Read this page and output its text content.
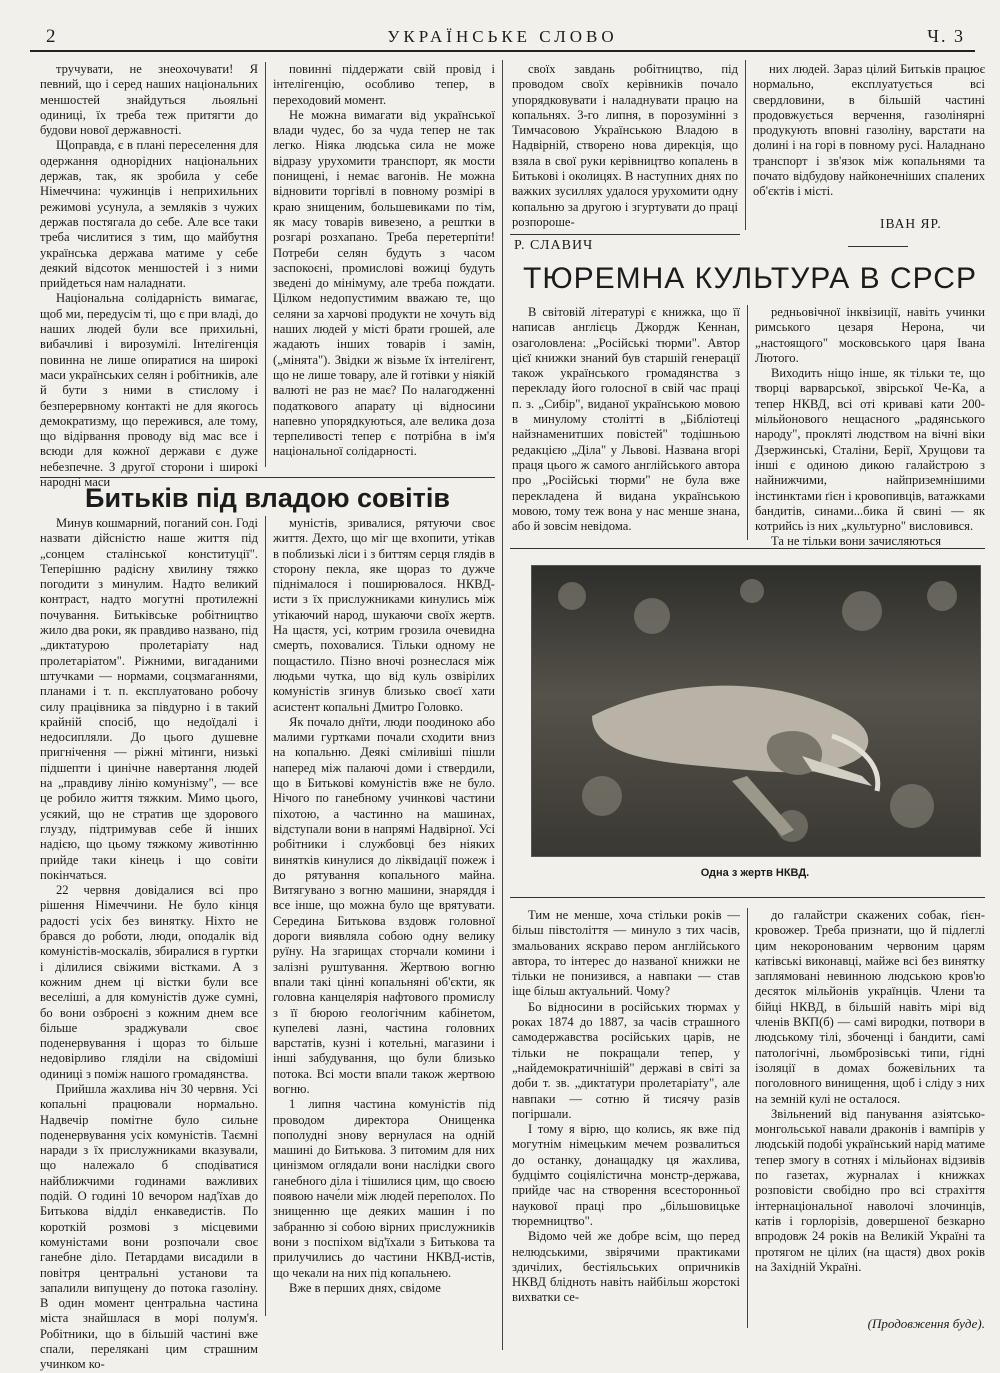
2	УКРАЇНСЬКЕ СЛОВО	Ч. 3

тручувати, не знеохочувати! Я певний, що і серед наших національних меншостей знайдуться льояльні одиниці, їх треба теж притягти до будови нової державності.

Щоправда, є в плані переселення для одержання однорідних національних держав, так, як зробила у себе Німеччина: чужинців і неприхильних режимові усунула, а земляків з чужих держав постягала до себе. Але все таки треба числитися з тим, що майбутня українська держава матиме у себе деякий відсоток меншостей і з ними прийдеться нам наладнати.

Національна солідарність вимагає, щоб ми, передусім ті, що є при владі, до наших людей були все прихильні, вибачливі і вирозумілі. Інтелігенція повинна не лише опиратися на широкі маси українських селян і робітників, але й бути з ними в стислому і безперервному контакті не для якогось демократизму, що пережився, але тому, що відірвання проводу від мас все і всюди для кожної держави є дуже небезпечне. З другої сторони і широкі народні маси

повинні піддержати свій провід і інтелігенцію, особливо тепер, в переходовий момент.

Не можна вимагати від української влади чудес, бо за чуда тепер не так легко. Ніяка людська сила не може відразу урухомити транспорт, як мости понищені, і немає вагонів. Не можна відновити торгівлі в повному розмірі в краю знищеним, большевиками по тім, як масу товарів вивезено, а рештки в розгарі розхапано. Треба перетерпіти! Потреби селян будуть з часом заспокоєні, промислові вожиці будуть зведені до мінімуму, але треба пождати. Цілком недопустимим вважаю те, що селяни за харчові продукти не хочуть від наших людей у місті брати грошей, але жадають інших товарів і замін, („мінята"). Звідки ж візьме їх інтелігент, що не лише товару, але й готівки у ніякій валюті не раз не має? По налагодженні податкового апарату ці відносини напевно упорядкуються, але велика доза терпеливості тепер є потрібна в ім'я національної солідарності.

своїх завдань робітництво, під проводом своїх керівників почало упорядковувати і наладнувати працю на копальнях. 3-го липня, в порозумінні з Тимчасовою Українською Владою в Надвірній, створено нова дирекція, що взяла в свої руки керівництво копалень в Битькові і околицях. В наступних днях по важких зусиллях удалося урухомити одну копальню за другою і згуртувати до праці розпороше-

них людей. Зараз цілий Битьків працює нормально, експлуатується всі свердловини, в більшій частині продовжується верчення, газолінярні продукують вповні газоліну, варстати на долині і на горі в повному русі. Наладнано транспорт і зв'язок між копальнями та почато відбудову найконечніших спалених об'єктів і місті.

ІВАН ЯР.
Битьків під владою совітів

Минув кошмарний, поганий сон. Годі назвати дійсністю наше життя під „сонцем сталінської конституції". Теперішню радісну хвилину тяжко погодити з минулим. Надто великий контраст, надто могутні протилежні почування. Битьківське робітництво жило два роки, як правдиво названо, під „диктатурою пролетаріату над пролетаріатом". Ріжними, вигаданими штучками — нормами, соцзмаганнями, планами і т. п. експлуатовано робочу силу працівника за півдурно і в такий крайній спосіб, що недоїдалі і недосипляли. До цього душевне пригнічення — ріжні мітинги, низькі підшепти і цинічне навертання людей на „правдиву лінію комунізму", — все це робило життя тяжким. Мимо цього, усякий, що не стратив ще здорового глузду, підтримував себе й інших надією, що цьому тяжкому животінню прийде таки кінець і що совіти покінчаться.

22 червня довідалися всі про рішення Німеччини. Не було кінця радості усіх без винятку. Ніхто не брався до роботи, люди, оподалік від комуністів-москалів, збиралися в гуртки і ділилися свіжими вістками. А з кожним днем ці вістки були все веселіші, а для комуністів дуже сумні, бо вони озброєні з кожним днем все більше зраджували своє поденервування і щораз то більше недовірливо гляділи на свідоміші одиниці з поміж нашого громадянства.

Прийшла жахлива ніч 30 червня. Усі копальні працювали нормально. Надвечір помітне було сильне поденервування усіх комуністів. Таємні наради з їх прислужниками вказували, що належало б сподіватися найближчими годинами важливих подій. О годині 10 вечором над'їхав до Битькова відділ енкаведистів. По короткій розмові з місцевими комуністами вони розпочали своє ганебне діло. Петардами висадили в повітря центральні установи та запалили випущену до потока газоліну. В один момент центральна частина міста знайшлася в морі полум'я. Робітники, що в більшій частині вже спали, переляканi цим страшним учинком ко-

муністів, зривалися, рятуючи своє життя. Дехто, що міг ще вхопити, утікав в поблизькі ліси і з биттям серця глядів в сторону пекла, яке щораз то дужче піднімалося і поширювалося. НКВД-исти з їх прислужниками кинулись між утікаючий народ, шукаючи своїх жертв. На щастя, усі, котрим грозила очевидна смерть, поховалися. Тільки одному не пощастило. Пізно вночі рознеслася між людьми чутка, що від куль озвірілих комуністів згинув близько своєї хати асистент копальні Дмитро Головко.

Як почало днїти, люди поодиноко або малими гуртками почали сходити вниз на копальню. Деякі сміливіші пішли наперед між палаючі доми і ствердили, що в Битькові комуністів вже не було. Нічого по ганебному учинкові частини піхотою, а частинно на машинах, відступали вони в напрямі Надвірної. Усі робітники і службовці без ніяких винятків кинулися до ліквідації пожеж і до рятування копального майна. Витягувано з вогню машини, знаряддя і все інше, що можна було ще врятувати. Середина Битькова вздовж головної дороги виявляла собою одну велику руїну. На згарищах сторчали комини і залізні руштування. Жертвою вогню впали такі цінні копальняні об'єкти, як головна канцелярія нафтового промислу з її бюрою геологічним кабінетом, купелеві лазні, частина головних варстатів, кузні і котельні, магазини і інші забудування, що були близько потока. Всі мости впали також жертвою вогню.

1 липня частина комуністів під проводом директора Онищенка пополудні знову вернулася на одній машині до Битькова. З питомим для них цинізмом оглядали вони наслідки свого ганебного діла і тішилися цим, що своєю появою наче́ли між людей переполох. По знищенню ще деяких машин і по забранню зі собою вірних прислужників вони з поспіхом від'їхали з Битькова та прилучились до частини НКВД-истів, що чекали на них під копальнею.

Вже в перших днях, свідоме

Р. СЛАВИЧ
ТЮРЕМНА КУЛЬТУРА В СРСР

В світовій літературі є книжка, що її написав англієць Джордж Кеннан, озаголовлена: „Російські тюрми". Автор цієї книжки знаний був старшій генерації також українського громадянства з перекладу його голосної в свій час праці п. з. „Сибір", виданої українською мовою в минулому столітті в „Бібліотеці найзнаменитших повістей" тодішньою редакцією „Діла" у Львові. Названа вгорі праця цього ж самого англійського автора про „Російські тюрми" не була вже перекладена й видана українською мовою, тому теж вона у нас менше знана, або й зовсім невідома.

редньовічної інквізиції, навіть учинки римського цезаря Нерона, чи „настоящого" московського царя Івана Лютого.

Виходить ніщо інше, як тільки те, що творці варварської, звірської Че-Ка, а тепер НКВД, всі оті криваві кати 200-мільйонового нещасного „радянського народу", прокляті людством на вічні віки Дзержинські, Сталіни, Берії, Хрущови та інші є одиною дикою галайстрою з найнижчими, найприземнішими інстинктами ґієн і кровопивців, ватажками бандитів, синами...бика й свині — як котрийсь із них „культурно" висловився.

Та не тільки вони зачисляються

Одна з жертв НКВД.

Тим не менше, хоча стільки років — більш півстоліття — минуло з тих часів, змальованих яскраво пером англійського автора, то інтерес до названої книжки не тільки не понизився, а навпаки — став іще більш актуальний. Чому?

Бо відносини в російських тюрмах у роках 1874 до 1887, за часів страшного самодержавства російських царів, не тільки не покращали тепер, у „найдемократичнішій" державі в світі за доби т. зв. „диктатури пролетаріату", але навпаки — сотню й тисячу разів погіршали.

І тому я вірю, що колись, як вже під могутнім німецьким мечем розвалиться до останку, донащадку ця жахлива, будцімто соціялістична монстр-держава, прийде час на створення всесторонньої наукової праці про „більшовицьке тюремництво".

Відомо чей же добре всім, що перед нелюдськими, звірячими практиками здичілих, бестіяльських опричників НКВД блідноть навіть найбільш жорстокі вихватки се-

до галайстри скажених собак, ґієн-кровожер. Треба признати, що й підлеглі цим некоронованим червоним царям катівські виконавці, майже всі без винятку заплямовані невинною людською кров'ю десяток мільйонів українців. Члени та бійці НКВД, в більшій навіть мірі від членів ВКП(б) — самі виродки, потвори в людському тілі, збоченці і бандити, самі патологічні, льомброзівські типи, гідні ізоляції в домах божевільних та поголовного винищення, щоб і сліду з них на земній кулі не осталося.

Звільнений від панування азіятсько-монгольської навали драконів і вампірів у людській подобі український нарід матиме тепер змогу в сотнях і мільйонах відзивів по газетах, журналах і книжках розповісти свобідно про всі страхіття інтернаціональної наволочі злочинців, катів і горлорізів, довершеної безкарно впродовж 24 років на Великій Україні та протягом не цілих (на щастя) двох років на Західній Україні.

(Продовження буде).
